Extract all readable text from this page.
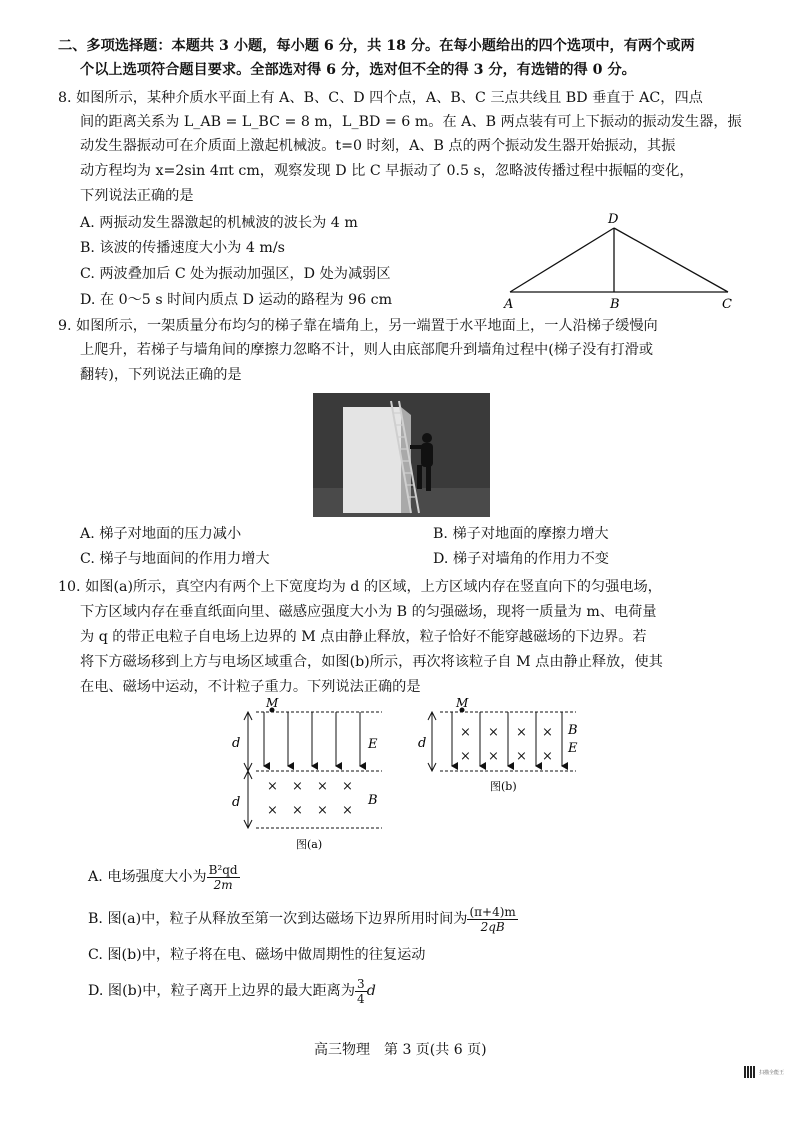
二、多项选择题：本题共 3 小题，每小题 6 分，共 18 分。在每小题给出的四个选项中，有两个或两
个以上选项符合题目要求。全部选对得 6 分，选对但不全的得 3 分，有选错的得 0 分。
8. 如图所示，某种介质水平面上有 A、B、C、D 四个点，A、B、C 三点共线且 BD 垂直于 AC，四点
间的距离关系为 L_AB = L_BC = 8 m，L_BD = 6 m。在 A、B 两点装有可上下振动的振动发生器，振
动发生器振动可在介质面上激起机械波。t=0 时刻，A、B 点的两个振动发生器开始振动，其振
动方程均为 x=2sin 4πt cm，观察发现 D 比 C 早振动了 0.5 s，忽略波传播过程中振幅的变化，
下列说法正确的是
A. 两振动发生器激起的机械波的波长为 4 m
B. 该波的传播速度大小为 4 m/s
C. 两波叠加后 C 处为振动加强区，D 处为减弱区
D. 在 0～5 s 时间内质点 D 运动的路程为 96 cm
D
A	B	C
9. 如图所示，一架质量分布均匀的梯子靠在墙角上，另一端置于水平地面上，一人沿梯子缓慢向
上爬升，若梯子与墙角间的摩擦力忽略不计，则人由底部爬升到墙角过程中(梯子没有打滑或
翻转)，下列说法正确的是
A. 梯子对地面的压力减小	B. 梯子对地面的摩擦力增大
C. 梯子与地面间的作用力增大	D. 梯子对墙角的作用力不变
10. 如图(a)所示，真空内有两个上下宽度均为 d 的区域，上方区域内存在竖直向下的匀强电场，
下方区域内存在垂直纸面向里、磁感应强度大小为 B 的匀强磁场，现将一质量为 m、电荷量
为 q 的带正电粒子自电场上边界的 M 点由静止释放，粒子恰好不能穿越磁场的下边界。若
将下方磁场移到上方与电场区域重合，如图(b)所示，再次将该粒子自 M 点由静止释放，使其
在电、磁场中运动，不计粒子重力。下列说法正确的是
M
E
d
d
× × × ×
× × × ×
B
图(a)
M
× × × ×
× × × ×
d
B
E
图(b)
A. 电场强度大小为 $\frac{\text{B²qd}}{2m}$
B. 图(a)中，粒子从释放至第一次到达磁场下边界所用时间为 $\frac{(\pi+4)m}{2qB}$
C. 图(b)中，粒子将在电、磁场中做周期性的往复运动
D. 图(b)中，粒子离开上边界的最大距离为 $\frac{3}{4}$ d
高三物理　第 3 页(共 6 页)
扫描全能王
